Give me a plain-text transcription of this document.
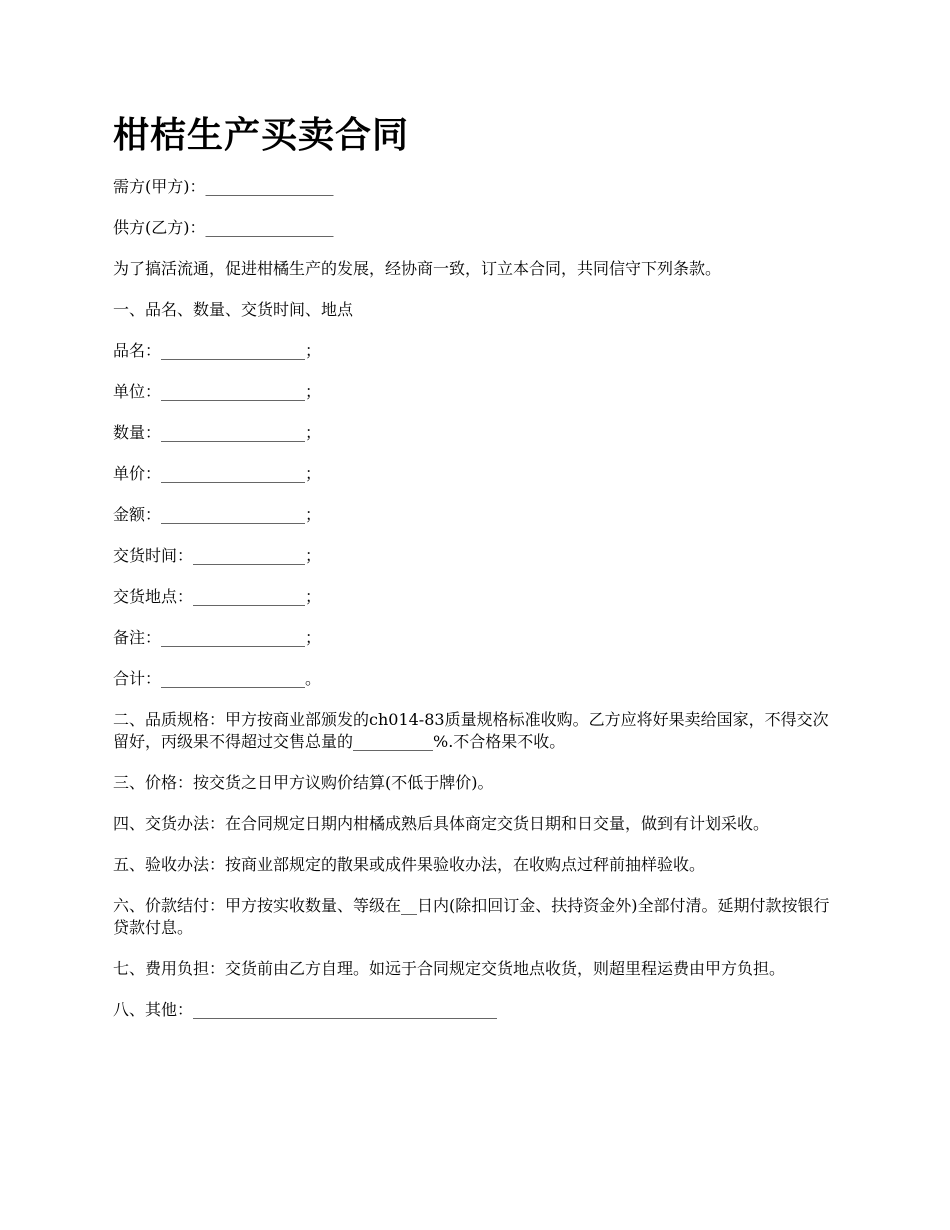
柑桔生产买卖合同

需方(甲方)：________________

供方(乙方)：________________

为了搞活流通，促进柑橘生产的发展，经协商一致，订立本合同，共同信守下列条款。

一、品名、数量、交货时间、地点

品名：__________________；

单位：__________________；

数量：__________________；

单价：__________________；

金额：__________________；

交货时间：______________；

交货地点：______________；

备注：__________________；

合计：__________________。

二、品质规格：甲方按商业部颁发的ch014-83质量规格标准收购。乙方应将好果卖给国家，不得交次留好，丙级果不得超过交售总量的__________%.不合格果不收。

三、价格：按交货之日甲方议购价结算(不低于牌价)。

四、交货办法：在合同规定日期内柑橘成熟后具体商定交货日期和日交量，做到有计划采收。

五、验收办法：按商业部规定的散果或成件果验收办法，在收购点过秤前抽样验收。

六、价款结付：甲方按实收数量、等级在__日内(除扣回订金、扶持资金外)全部付清。延期付款按银行贷款付息。

七、费用负担：交货前由乙方自理。如远于合同规定交货地点收货，则超里程运费由甲方负担。

八、其他：______________________________________
